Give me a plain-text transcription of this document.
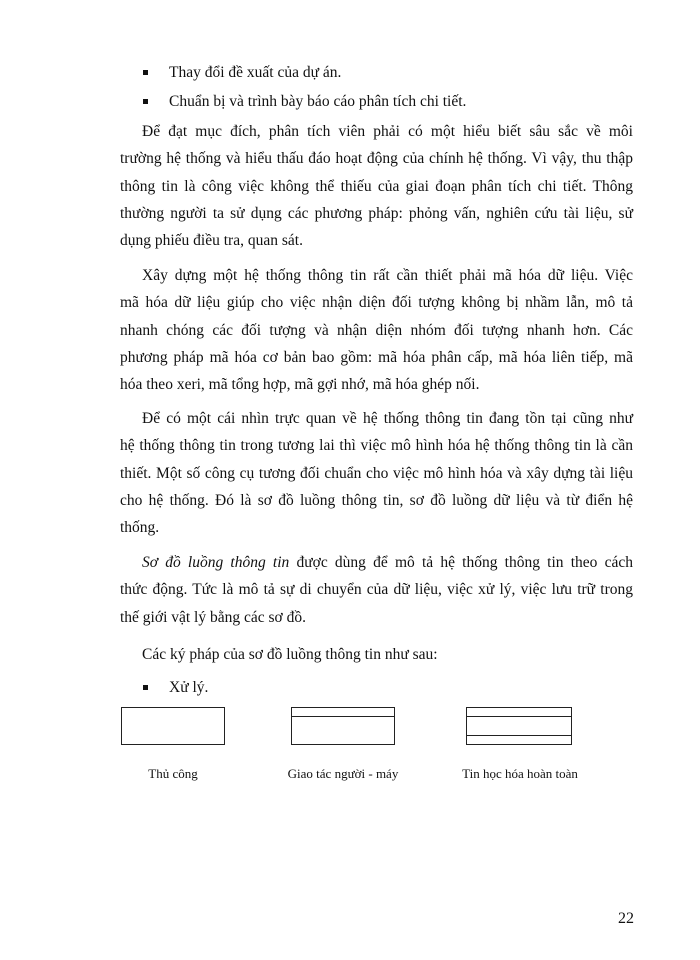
Thay đổi đề xuất của dự án.
Chuẩn bị và trình bày báo cáo phân tích chi tiết.
Để đạt mục đích, phân tích viên phải có một hiểu biết sâu sắc về môi
trường hệ thống và hiểu thấu đáo hoạt động của chính hệ thống. Vì vậy, thu thập
thông tin là công việc không thể thiếu của giai đoạn phân tích chi tiết. Thông
thường người ta sử dụng các phương pháp: phỏng vấn, nghiên cứu tài liệu, sử
dụng phiếu điều tra, quan sát.
Xây dựng một hệ thống thông tin rất cần thiết phải mã hóa dữ liệu. Việc
mã hóa dữ liệu giúp cho việc nhận diện đối tượng không bị nhầm lẫn, mô tả
nhanh chóng các đối tượng và nhận diện nhóm đối tượng nhanh hơn. Các
phương pháp mã hóa cơ bản bao gồm: mã hóa phân cấp, mã hóa liên tiếp, mã
hóa theo xeri, mã tổng hợp, mã gợi nhớ, mã hóa ghép nối.
Để có một cái nhìn trực quan về hệ thống thông tin đang tồn tại cũng như
hệ thống thông tin trong tương lai thì việc mô hình hóa hệ thống thông tin là cần
thiết. Một số công cụ tương đối chuẩn cho việc mô hình hóa và xây dựng tài liệu
cho hệ thống. Đó là sơ đồ luồng thông tin, sơ đồ luồng dữ liệu và từ điển hệ
thống.
Sơ đồ luồng thông tin được dùng để mô tả hệ thống thông tin theo cách
thức động. Tức là mô tả sự di chuyển của dữ liệu, việc xử lý, việc lưu trữ trong
thế giới vật lý bằng các sơ đồ.
Các ký pháp của sơ đồ luồng thông tin như sau:
Xử lý.
Thủ công	Giao tác người - máy	Tin học hóa hoàn toàn
22
